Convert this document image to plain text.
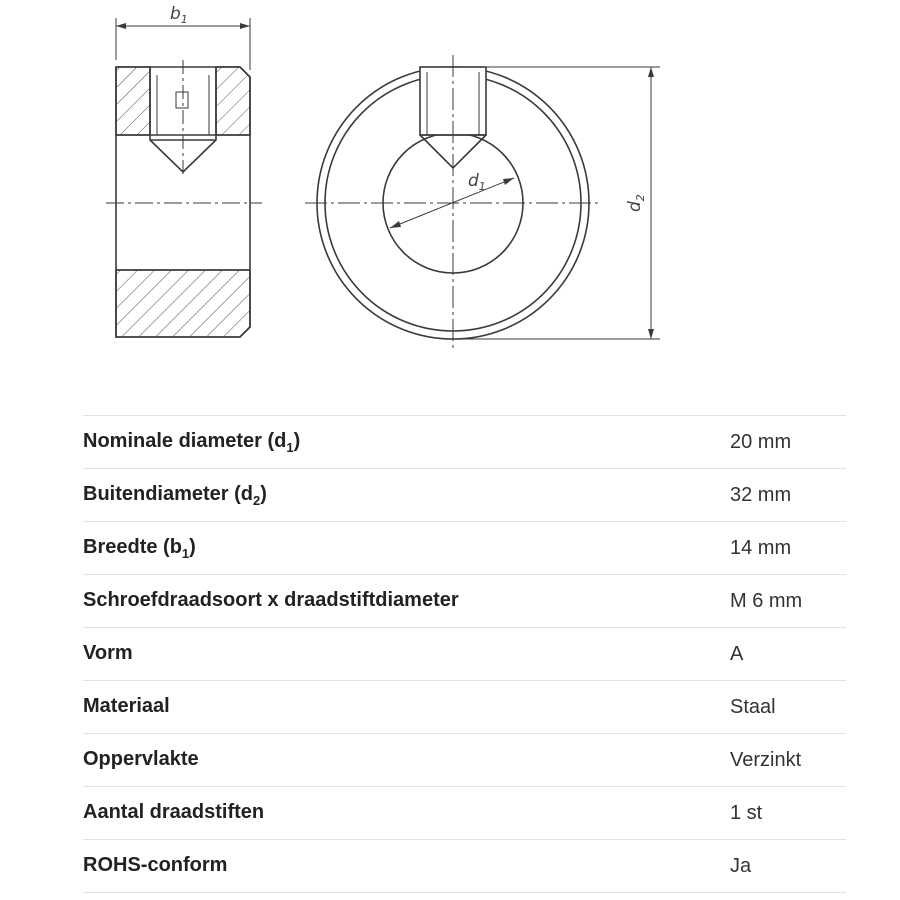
$b_1$
$d_1$
$d_2$
Nominale diameter $(d_1)$	20 mm
Buitendiameter $(d_2)$	32 mm
Breedte $(b_1)$	14 mm
Schroefdraadsoort x draadstiftdiameter	M 6 mm
Vorm	A
Materiaal	Staal
Oppervlakte	Verzinkt
Aantal draadstiften	1 st
ROHS-conform	Ja
